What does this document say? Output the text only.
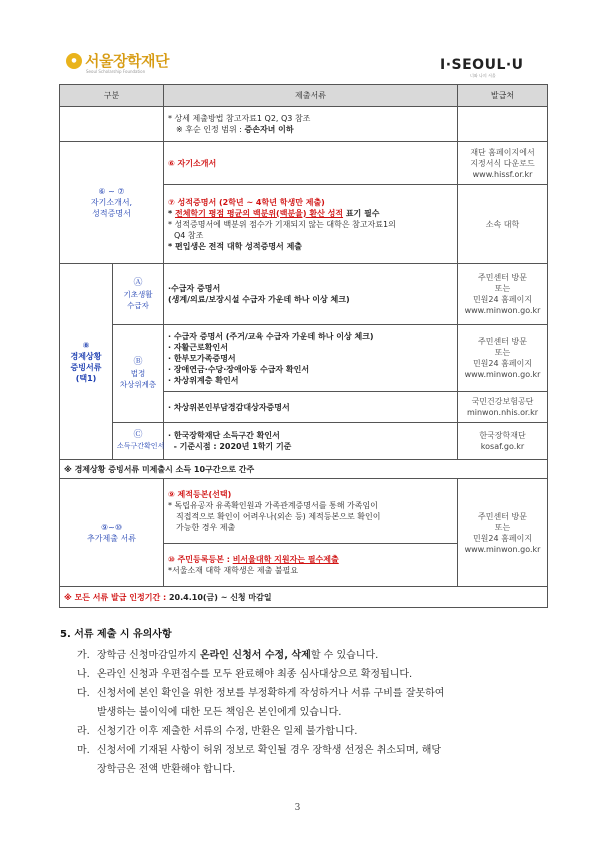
● 서울장학재단
Seoul Scholarship Foundation	I·SEOUL·U
너와 나의 서울
구분		제출서류	발급처

		* 상세 제출방법 참고자료1 Q2, Q3 참조
※ 후순 인정 범위 : 증손자녀 이하	

⑥ ~ ⑦
자기소개서,
성적증명서		⑥ 자기소개서	재단 홈페이지에서
지정서식 다운로드
www.hissf.or.kr

		⑦ 성적증명서 (2학년 ~ 4학년 학생만 제출)
* 전체학기 평점 평균의 백분위(백분율) 환산 성적 표기 필수
* 성적증명서에 백분위 점수가 기재되지 않는 대학은 참고자료1의
Q4 참조
* 편입생은 전적 대학 성적증명서 제출	소속 대학

⑧
경제상황
증빙서류
(택1)	Ⓐ
기초생활
수급자	·수급자 증명서
(생계/의료/보장시설 수급자 가운데 하나 이상 체크)	주민센터 방문
또는
민원24 홈페이지
www.minwon.go.kr

	Ⓑ
법정
차상위계층	· 수급자 증명서 (주거/교육 수급자 가운데 하나 이상 체크)
· 자활근로확인서
· 한부모가족증명서
· 장애연금·수당·장애아동 수급자 확인서
· 차상위계층 확인서	주민센터 방문
또는
민원24 홈페이지
www.minwon.go.kr

		· 차상위본인부담경감대상자증명서	국민건강보험공단
minwon.nhis.or.kr

	Ⓒ
소득구간확인서	· 한국장학재단 소득구간 확인서
- 기준시점 : 2020년 1학기 기준	한국장학재단
kosaf.go.kr

※ 경제상황 증빙서류 미제출시 소득 10구간으로 간주			

⑨~⑩
추가제출 서류		⑨ 제적등본(선택)
* 독립유공자 유족확인원과 가족관계증명서를 통해 가족임이
직접적으로 확인이 어려우나(외손 등) 제적등본으로 확인이
가능한 경우 제출	주민센터 방문
또는
민원24 홈페이지
www.minwon.go.kr

		⑩ 주민등록등본 : 비서울대학 지원자는 필수제출
*서울소재 대학 재학생은 제출 불필요	

※ 모든 서류 발급 인정기간 : 20.4.10(금) ~ 신청 마감일			
5. 서류 제출 시 유의사항
가. 장학금 신청마감일까지 온라인 신청서 수정, 삭제할 수 있습니다.
나. 온라인 신청과 우편접수를 모두 완료해야 최종 심사대상으로 확정됩니다.
다. 신청서에 본인 확인을 위한 정보를 부정확하게 작성하거나 서류 구비를 잘못하여
발생하는 불이익에 대한 모든 책임은 본인에게 있습니다.
라. 신청기간 이후 제출한 서류의 수정, 반환은 일체 불가합니다.
마. 신청서에 기재된 사항이 허위 정보로 확인될 경우 장학생 선정은 취소되며, 해당
장학금은 전액 반환해야 합니다.
3
